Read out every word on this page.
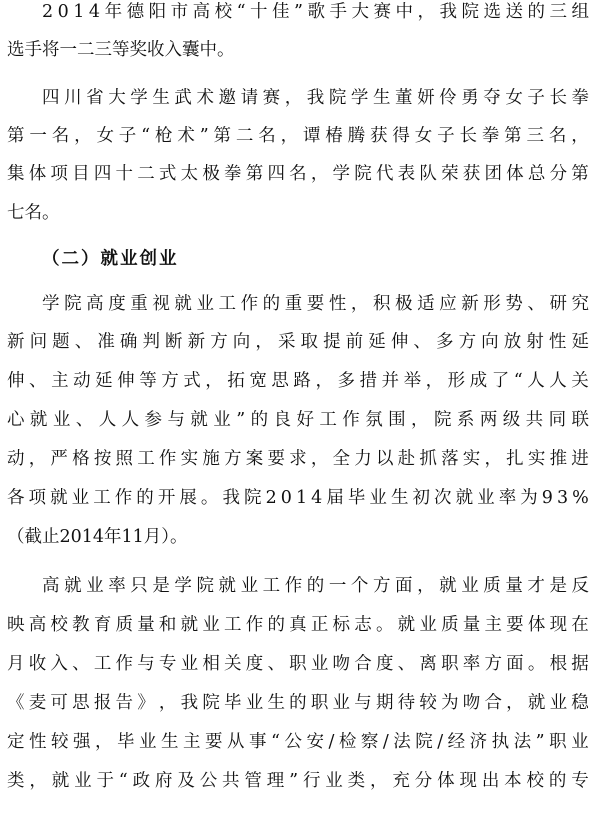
2 0 1 4 年 德 阳 市 高 校 “ 十 佳 ” 歌 手 大 赛 中 ， 我 院 选 送 的 三 组
选手将一二三等奖收入囊中。
四 川 省 大 学 生 武 术 邀 请 赛 ， 我 院 学 生 董 妍 伶 勇 夺 女 子 长 拳
第 一 名 ， 女 子 “ 枪 术 ” 第 二 名 ， 谭 椿 腾 获 得 女 子 长 拳 第 三 名 ，
集 体 项 目 四 十 二 式 太 极 拳 第 四 名 ， 学 院 代 表 队 荣 获 团 体 总 分 第
七名。
（二）就业创业
学 院 高 度 重 视 就 业 工 作 的 重 要 性 ， 积 极 适 应 新 形 势 、 研 究
新 问 题 、 准 确 判 断 新 方 向 ， 采 取 提 前 延 伸 、 多 方 向 放 射 性 延
伸 、 主 动 延 伸 等 方 式 ， 拓 宽 思 路 ， 多 措 并 举 ， 形 成 了 “ 人 人 关
心 就 业 、 人 人 参 与 就 业 ” 的 良 好 工 作 氛 围 ， 院 系 两 级 共 同 联
动 ， 严 格 按 照 工 作 实 施 方 案 要 求 ， 全 力 以 赴 抓 落 实 ， 扎 实 推 进
各 项 就 业 工 作 的 开 展 。 我 院 2 0 1 4 届 毕 业 生 初 次 就 业 率 为 9 3 %
（截止2014年11月）。
高 就 业 率 只 是 学 院 就 业 工 作 的 一 个 方 面 ， 就 业 质 量 才 是 反
映 高 校 教 育 质 量 和 就 业 工 作 的 真 正 标 志 。 就 业 质 量 主 要 体 现 在
月 收 入 、 工 作 与 专 业 相 关 度 、 职 业 吻 合 度 、 离 职 率 方 面 。 根 据
《 麦 可 思 报 告 》 ， 我 院 毕 业 生 的 职 业 与 期 待 较 为 吻 合 ， 就 业 稳
定 性 较 强 ， 毕 业 生 主 要 从 事 “ 公 安 / 检 察 / 法 院 / 经 济 执 法 ” 职 业
类 ， 就 业 于 “ 政 府 及 公 共 管 理 ” 行 业 类 ， 充 分 体 现 出 本 校 的 专
